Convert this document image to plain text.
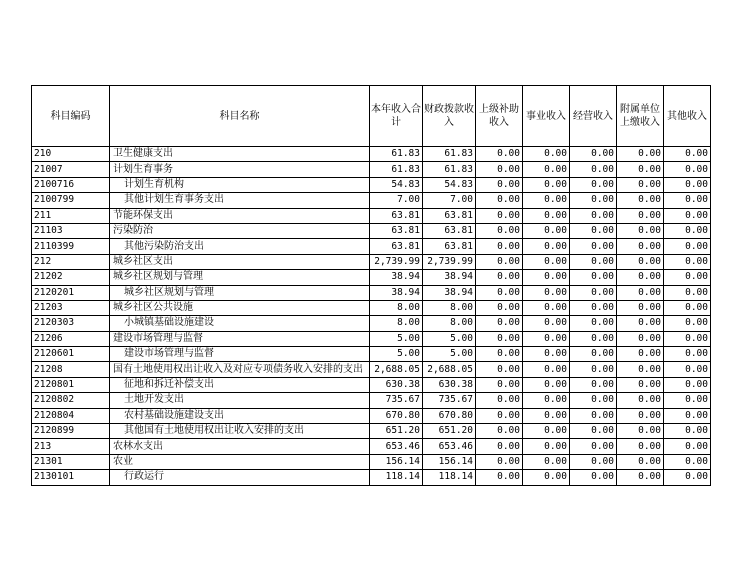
科目编码	科目名称	本年收入合计	财政拨款收入	上级补助收入	事业收入	经营收入	附属单位上缴收入	其他收入
210	卫生健康支出	61.83	61.83	0.00	0.00	0.00	0.00	0.00
21007	计划生育事务	61.83	61.83	0.00	0.00	0.00	0.00	0.00
2100716	计划生育机构	54.83	54.83	0.00	0.00	0.00	0.00	0.00
2100799	其他计划生育事务支出	7.00	7.00	0.00	0.00	0.00	0.00	0.00
211	节能环保支出	63.81	63.81	0.00	0.00	0.00	0.00	0.00
21103	污染防治	63.81	63.81	0.00	0.00	0.00	0.00	0.00
2110399	其他污染防治支出	63.81	63.81	0.00	0.00	0.00	0.00	0.00
212	城乡社区支出	2,739.99	2,739.99	0.00	0.00	0.00	0.00	0.00
21202	城乡社区规划与管理	38.94	38.94	0.00	0.00	0.00	0.00	0.00
2120201	城乡社区规划与管理	38.94	38.94	0.00	0.00	0.00	0.00	0.00
21203	城乡社区公共设施	8.00	8.00	0.00	0.00	0.00	0.00	0.00
2120303	小城镇基础设施建设	8.00	8.00	0.00	0.00	0.00	0.00	0.00
21206	建设市场管理与监督	5.00	5.00	0.00	0.00	0.00	0.00	0.00
2120601	建设市场管理与监督	5.00	5.00	0.00	0.00	0.00	0.00	0.00
21208	国有土地使用权出让收入及对应专项债务收入安排的支出	2,688.05	2,688.05	0.00	0.00	0.00	0.00	0.00
2120801	征地和拆迁补偿支出	630.38	630.38	0.00	0.00	0.00	0.00	0.00
2120802	土地开发支出	735.67	735.67	0.00	0.00	0.00	0.00	0.00
2120804	农村基础设施建设支出	670.80	670.80	0.00	0.00	0.00	0.00	0.00
2120899	其他国有土地使用权出让收入安排的支出	651.20	651.20	0.00	0.00	0.00	0.00	0.00
213	农林水支出	653.46	653.46	0.00	0.00	0.00	0.00	0.00
21301	农业	156.14	156.14	0.00	0.00	0.00	0.00	0.00
2130101	行政运行	118.14	118.14	0.00	0.00	0.00	0.00	0.00
